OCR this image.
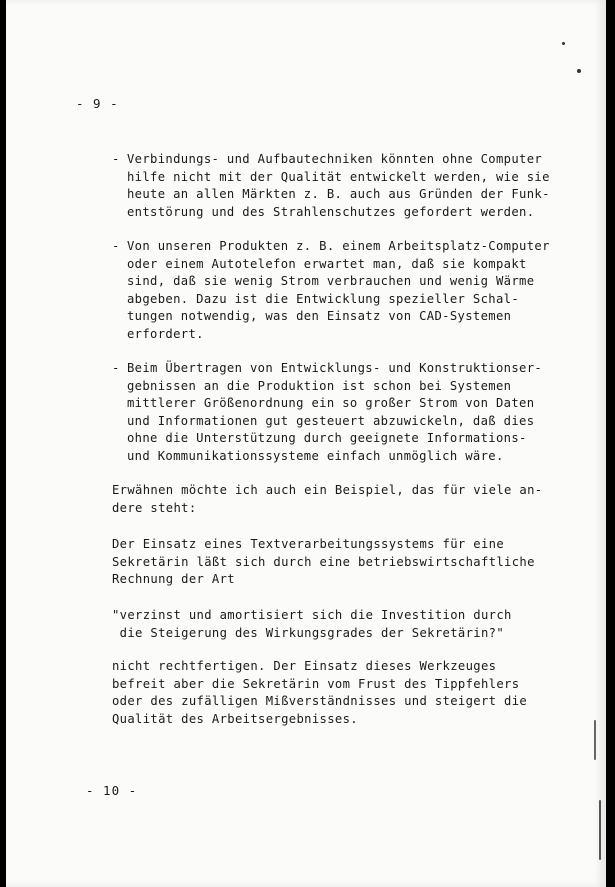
- 9 -
- Verbindungs- und Aufbautechniken könnten ohne Computer
hilfe nicht mit der Qualität entwickelt werden, wie sie
heute an allen Märkten z. B. auch aus Gründen der Funk-
entstörung und des Strahlenschutzes gefordert werden.
- Von unseren Produkten z. B. einem Arbeitsplatz-Computer
oder einem Autotelefon erwartet man, daß sie kompakt
sind, daß sie wenig Strom verbrauchen und wenig Wärme
abgeben. Dazu ist die Entwicklung spezieller Schal-
tungen notwendig, was den Einsatz von CAD-Systemen
erfordert.
- Beim Übertragen von Entwicklungs- und Konstruktionser-
gebnissen an die Produktion ist schon bei Systemen
mittlerer Größenordnung ein so großer Strom von Daten
und Informationen gut gesteuert abzuwickeln, daß dies
ohne die Unterstützung durch geeignete Informations-
und Kommunikationssysteme einfach unmöglich wäre.
Erwähnen möchte ich auch ein Beispiel, das für viele an-
dere steht:
Der Einsatz eines Textverarbeitungssystems für eine
Sekretärin läßt sich durch eine betriebswirtschaftliche
Rechnung der Art
"verzinst und amortisiert sich die Investition durch
die Steigerung des Wirkungsgrades der Sekretärin?"
nicht rechtfertigen. Der Einsatz dieses Werkzeuges
befreit aber die Sekretärin vom Frust des Tippfehlers
oder des zufälligen Mißverständnisses und steigert die
Qualität des Arbeitsergebnisses.
- 10 -
